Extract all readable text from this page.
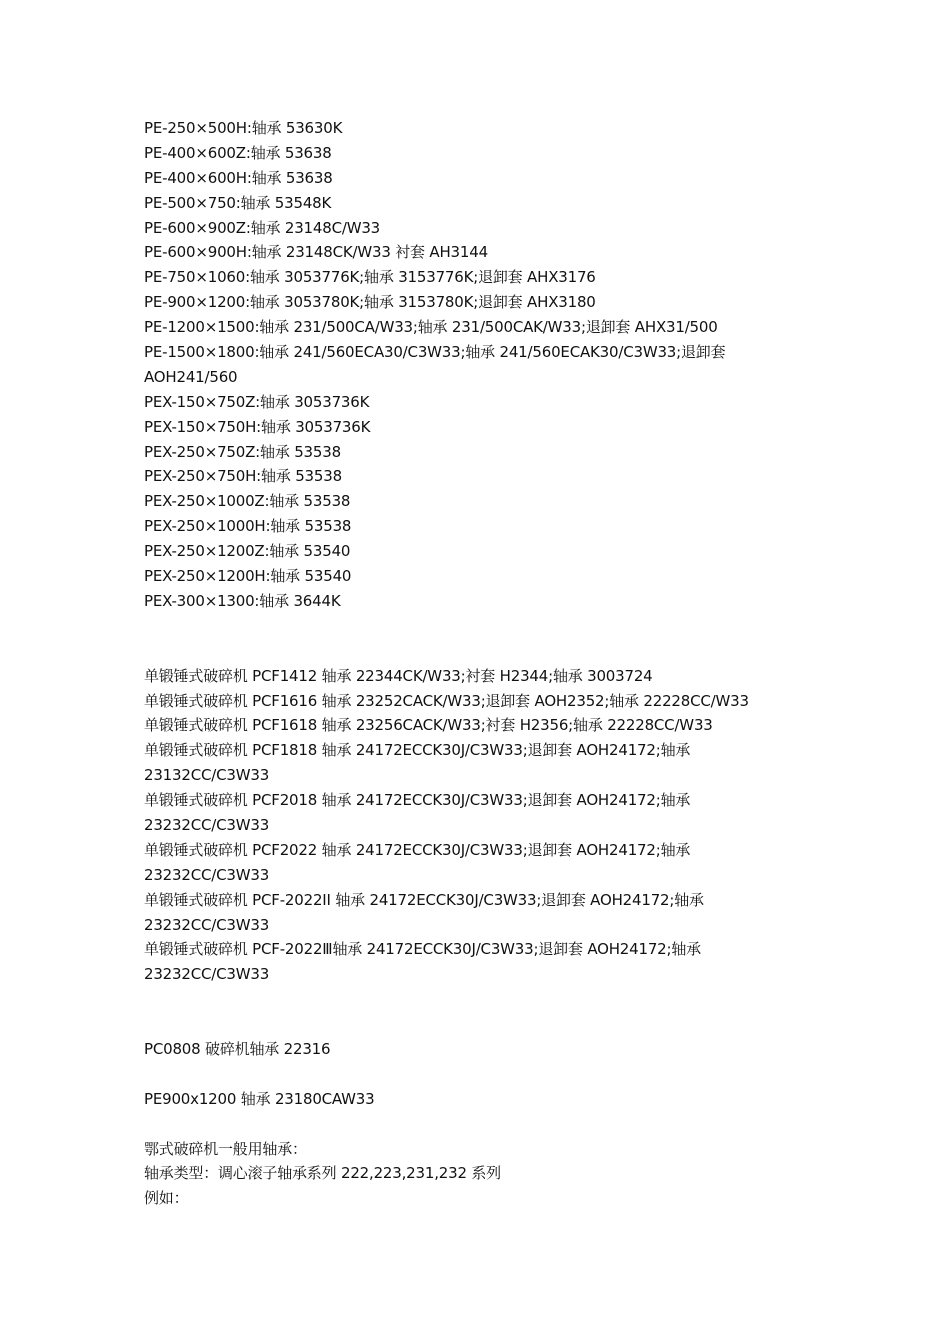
PE-250×500H:轴承 53630K
PE-400×600Z:轴承 53638
PE-400×600H:轴承 53638
PE-500×750:轴承 53548K
PE-600×900Z:轴承 23148C/W33
PE-600×900H:轴承 23148CK/W33 衬套 AH3144
PE-750×1060:轴承 3053776K;轴承 3153776K;退卸套 AHX3176
PE-900×1200:轴承 3053780K;轴承 3153780K;退卸套 AHX3180
PE-1200×1500:轴承 231/500CA/W33;轴承 231/500CAK/W33;退卸套 AHX31/500
PE-1500×1800:轴承 241/560ECA30/C3W33;轴承 241/560ECAK30/C3W33;退卸套
AOH241/560
PEX-150×750Z:轴承 3053736K
PEX-150×750H:轴承 3053736K
PEX-250×750Z:轴承 53538
PEX-250×750H:轴承 53538
PEX-250×1000Z:轴承 53538
PEX-250×1000H:轴承 53538
PEX-250×1200Z:轴承 53540
PEX-250×1200H:轴承 53540
PEX-300×1300:轴承 3644K
单锻锤式破碎机 PCF1412 轴承 22344CK/W33;衬套 H2344;轴承 3003724
单锻锤式破碎机 PCF1616 轴承 23252CACK/W33;退卸套 AOH2352;轴承 22228CC/W33
单锻锤式破碎机 PCF1618 轴承 23256CACK/W33;衬套 H2356;轴承 22228CC/W33
单锻锤式破碎机 PCF1818 轴承 24172ECCK30J/C3W33;退卸套 AOH24172;轴承
23132CC/C3W33
单锻锤式破碎机 PCF2018 轴承 24172ECCK30J/C3W33;退卸套 AOH24172;轴承
23232CC/C3W33
单锻锤式破碎机 PCF2022 轴承 24172ECCK30J/C3W33;退卸套 AOH24172;轴承
23232CC/C3W33
单锻锤式破碎机 PCF-2022II 轴承 24172ECCK30J/C3W33;退卸套 AOH24172;轴承
23232CC/C3W33
单锻锤式破碎机 PCF-2022Ⅲ轴承 24172ECCK30J/C3W33;退卸套 AOH24172;轴承
23232CC/C3W33
PC0808 破碎机轴承 22316
PE900x1200 轴承 23180CAW33
鄂式破碎机一般用轴承：
轴承类型：调心滚子轴承系列 222,223,231,232 系列
例如：
